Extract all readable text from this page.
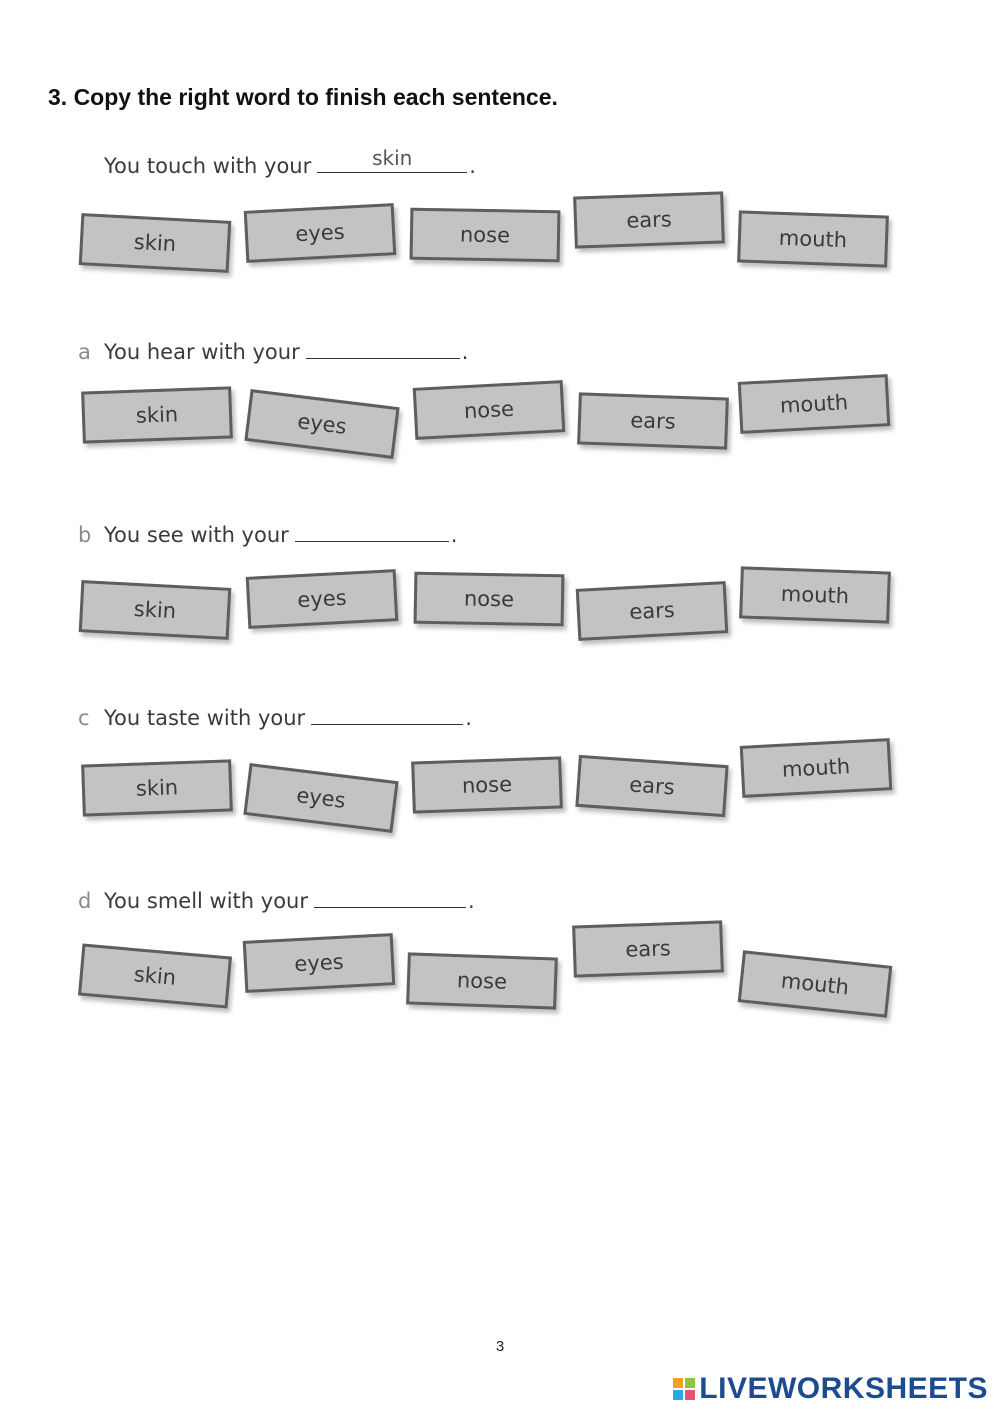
3. Copy the right word to finish each sentence.
You touch with your
skin	.
skin	eyes	nose
ears
mouth
a You hear with your	.
skin	eyes	nose	ears
mouth
b You see with your	.
skin	eyes	nose	ears
mouth
c You taste with your	.
skin	eyes	nose	ears
mouth
d You smell with your	.
skin	eyes
nose
ears
mouth
3
LIVEWORKSHEETS
